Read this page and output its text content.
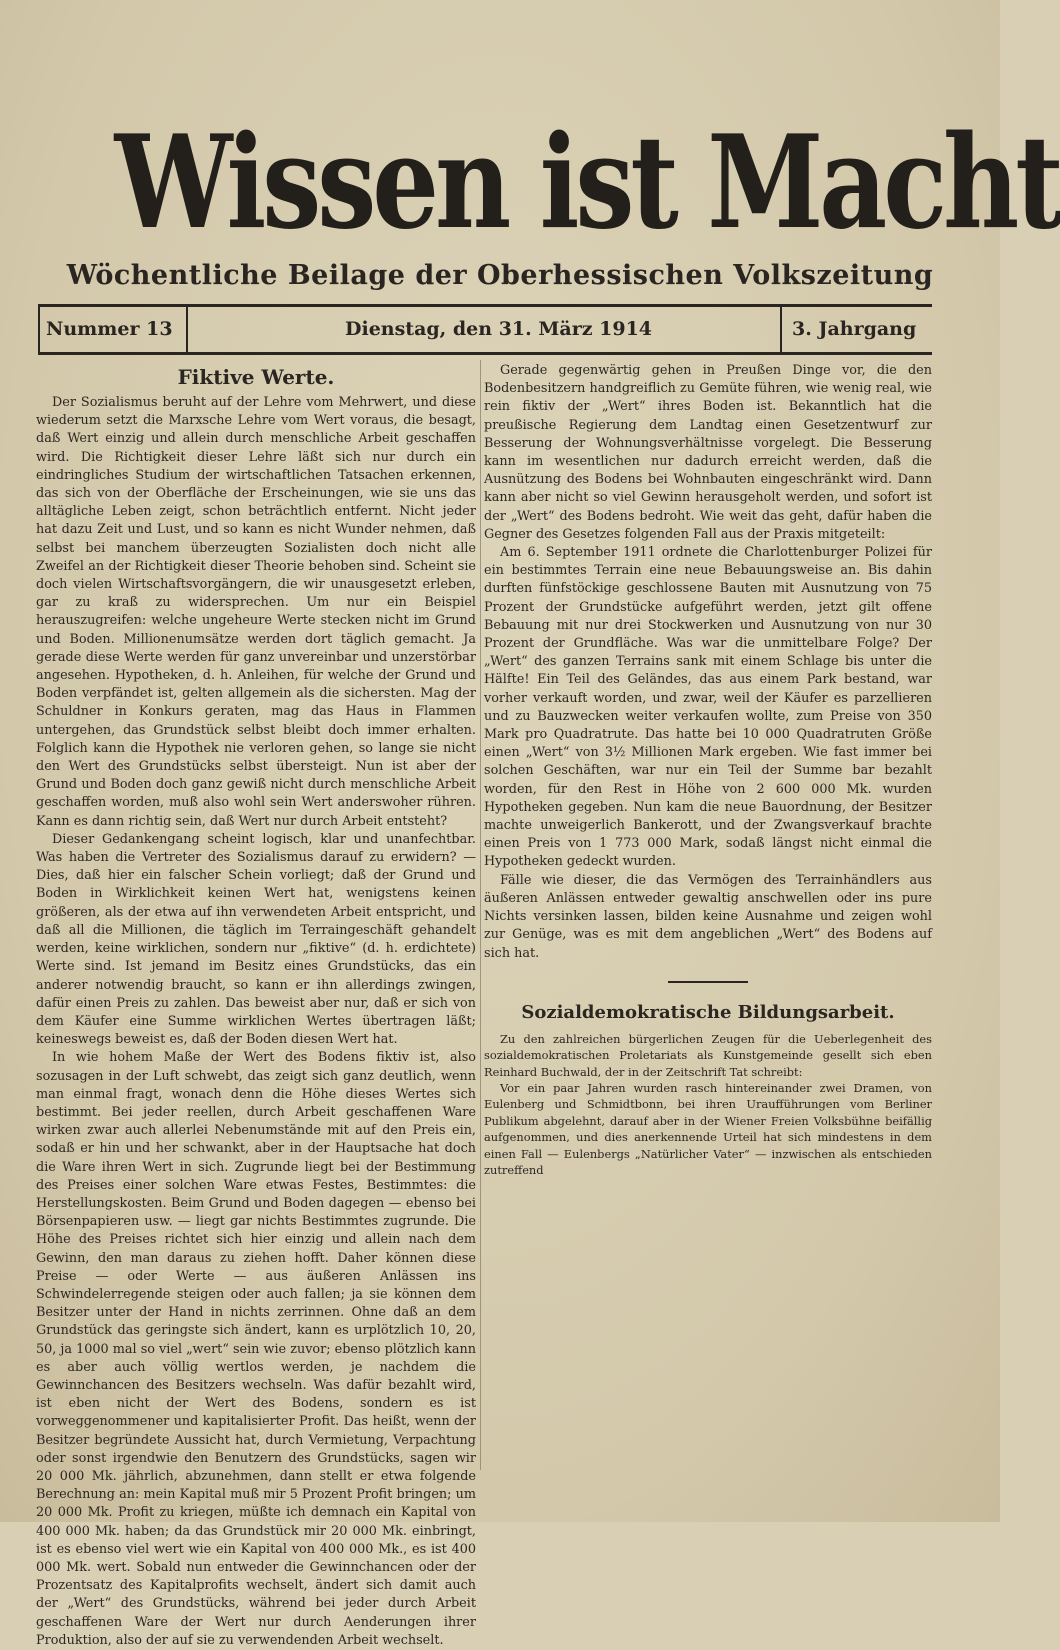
Wissen ist Macht
Wöchentliche Beilage der Oberhessischen Volkszeitung
Nummer 13	Dienstag, den 31. März 1914	3. Jahrgang
Fiktive Werte.

Der Sozialismus beruht auf der Lehre vom Mehrwert, und diese wiederum setzt die Marxsche Lehre vom Wert voraus, die besagt, daß Wert einzig und allein durch menschliche Arbeit geschaffen wird. Die Richtigkeit dieser Lehre läßt sich nur durch ein eindringliches Studium der wirtschaftlichen Tatsachen erkennen, das sich von der Oberfläche der Erscheinungen, wie sie uns das alltägliche Leben zeigt, schon beträchtlich entfernt. Nicht jeder hat dazu Zeit und Lust, und so kann es nicht Wunder nehmen, daß selbst bei manchem überzeugten Sozialisten doch nicht alle Zweifel an der Richtigkeit dieser Theorie behoben sind. Scheint sie doch vielen Wirtschaftsvorgängern, die wir unausgesetzt erleben, gar zu kraß zu widersprechen. Um nur ein Beispiel herauszugreifen: welche ungeheure Werte stecken nicht im Grund und Boden. Millionenumsätze werden dort täglich gemacht. Ja gerade diese Werte werden für ganz unvereinbar und unzerstörbar angesehen. Hypotheken, d. h. Anleihen, für welche der Grund und Boden verpfändet ist, gelten allgemein als die sichersten. Mag der Schuldner in Konkurs geraten, mag das Haus in Flammen untergehen, das Grundstück selbst bleibt doch immer erhalten. Folglich kann die Hypothek nie verloren gehen, so lange sie nicht den Wert des Grundstücks selbst übersteigt. Nun ist aber der Grund und Boden doch ganz gewiß nicht durch menschliche Arbeit geschaffen worden, muß also wohl sein Wert anderswoher rühren. Kann es dann richtig sein, daß Wert nur durch Arbeit entsteht?

Dieser Gedankengang scheint logisch, klar und unanfechtbar. Was haben die Vertreter des Sozialismus darauf zu erwidern? — Dies, daß hier ein falscher Schein vorliegt; daß der Grund und Boden in Wirklichkeit keinen Wert hat, wenigstens keinen größeren, als der etwa auf ihn verwendeten Arbeit entspricht, und daß all die Millionen, die täglich im Terraingeschäft gehandelt werden, keine wirklichen, sondern nur „fiktive“ (d. h. erdichtete) Werte sind. Ist jemand im Besitz eines Grundstücks, das ein anderer notwendig braucht, so kann er ihn allerdings zwingen, dafür einen Preis zu zahlen. Das beweist aber nur, daß er sich von dem Käufer eine Summe wirklichen Wertes übertragen läßt; keineswegs beweist es, daß der Boden diesen Wert hat.

In wie hohem Maße der Wert des Bodens fiktiv ist, also sozusagen in der Luft schwebt, das zeigt sich ganz deutlich, wenn man einmal fragt, wonach denn die Höhe dieses Wertes sich bestimmt. Bei jeder reellen, durch Arbeit geschaffenen Ware wirken zwar auch allerlei Nebenumstände mit auf den Preis ein, sodaß er hin und her schwankt, aber in der Hauptsache hat doch die Ware ihren Wert in sich. Zugrunde liegt bei der Bestimmung des Preises einer solchen Ware etwas Festes, Bestimmtes: die Herstellungskosten. Beim Grund und Boden dagegen — ebenso bei Börsenpapieren usw. — liegt gar nichts Bestimmtes zugrunde. Die Höhe des Preises richtet sich hier einzig und allein nach dem Gewinn, den man daraus zu ziehen hofft. Daher können diese Preise — oder Werte — aus äußeren Anlässen ins Schwindelerregende steigen oder auch fallen; ja sie können dem Besitzer unter der Hand in nichts zerrinnen. Ohne daß an dem Grundstück das geringste sich ändert, kann es urplötzlich 10, 20, 50, ja 1000 mal so viel „wert“ sein wie zuvor; ebenso plötzlich kann es aber auch völlig wertlos werden, je nachdem die Gewinnchancen des Besitzers wechseln. Was dafür bezahlt wird, ist eben nicht der Wert des Bodens, sondern es ist vorweggenommener und kapitalisierter Profit. Das heißt, wenn der Besitzer begründete Aussicht hat, durch Vermietung, Verpachtung oder sonst irgendwie den Benutzern des Grundstücks, sagen wir 20 000 Mk. jährlich, abzunehmen, dann stellt er etwa folgende Berechnung an: mein Kapital muß mir 5 Prozent Profit bringen; um 20 000 Mk. Profit zu kriegen, müßte ich demnach ein Kapital von 400 000 Mk. haben; da das Grundstück mir 20 000 Mk. einbringt, ist es ebenso viel wert wie ein Kapital von 400 000 Mk., es ist 400 000 Mk. wert. Sobald nun entweder die Gewinnchancen oder der Prozentsatz des Kapitalprofits wechselt, ändert sich damit auch der „Wert“ des Grundstücks, während bei jeder durch Arbeit geschaffenen Ware der Wert nur durch Aenderungen ihrer Produktion, also der auf sie zu verwendenden Arbeit wechselt.

Gerade gegenwärtig gehen in Preußen Dinge vor, die den Bodenbesitzern handgreiflich zu Gemüte führen, wie wenig real, wie rein fiktiv der „Wert“ ihres Boden ist. Bekanntlich hat die preußische Regierung dem Landtag einen Gesetzentwurf zur Besserung der Wohnungsverhältnisse vorgelegt. Die Besserung kann im wesentlichen nur dadurch erreicht werden, daß die Ausnützung des Bodens bei Wohnbauten eingeschränkt wird. Dann kann aber nicht so viel Gewinn herausgeholt werden, und sofort ist der „Wert“ des Bodens bedroht. Wie weit das geht, dafür haben die Gegner des Gesetzes folgenden Fall aus der Praxis mitgeteilt:

Am 6. September 1911 ordnete die Charlottenburger Polizei für ein bestimmtes Terrain eine neue Bebauungsweise an. Bis dahin durften fünfstöckige geschlossene Bauten mit Ausnutzung von 75 Prozent der Grundstücke aufgeführt werden, jetzt gilt offene Bebauung mit nur drei Stockwerken und Ausnutzung von nur 30 Prozent der Grundfläche. Was war die unmittelbare Folge? Der „Wert“ des ganzen Terrains sank mit einem Schlage bis unter die Hälfte! Ein Teil des Geländes, das aus einem Park bestand, war vorher verkauft worden, und zwar, weil der Käufer es parzellieren und zu Bauzwecken weiter verkaufen wollte, zum Preise von 350 Mark pro Quadratrute. Das hatte bei 10 000 Quadratruten Größe einen „Wert“ von 3½ Millionen Mark ergeben. Wie fast immer bei solchen Geschäften, war nur ein Teil der Summe bar bezahlt worden, für den Rest in Höhe von 2 600 000 Mk. wurden Hypotheken gegeben. Nun kam die neue Bauordnung, der Besitzer machte unweigerlich Bankerott, und der Zwangsverkauf brachte einen Preis von 1 773 000 Mark, sodaß längst nicht einmal die Hypotheken gedeckt wurden.

Fälle wie dieser, die das Vermögen des Terrainhändlers aus äußeren Anlässen entweder gewaltig anschwellen oder ins pure Nichts versinken lassen, bilden keine Ausnahme und zeigen wohl zur Genüge, was es mit dem angeblichen „Wert“ des Bodens auf sich hat.

Sozialdemokratische Bildungsarbeit.

Zu den zahlreichen bürgerlichen Zeugen für die Ueberlegenheit des sozialdemokratischen Proletariats als Kunstgemeinde gesellt sich eben Reinhard Buchwald, der in der Zeitschrift Tat schreibt:

Vor ein paar Jahren wurden rasch hintereinander zwei Dramen, von Eulenberg und Schmidtbonn, bei ihren Uraufführungen vom Berliner Publikum abgelehnt, darauf aber in der Wiener Freien Volksbühne beifällig aufgenommen, und dies anerkennende Urteil hat sich mindestens in dem einen Fall — Eulenbergs „Natürlicher Vater“ — inzwischen als entschieden zutreffend
